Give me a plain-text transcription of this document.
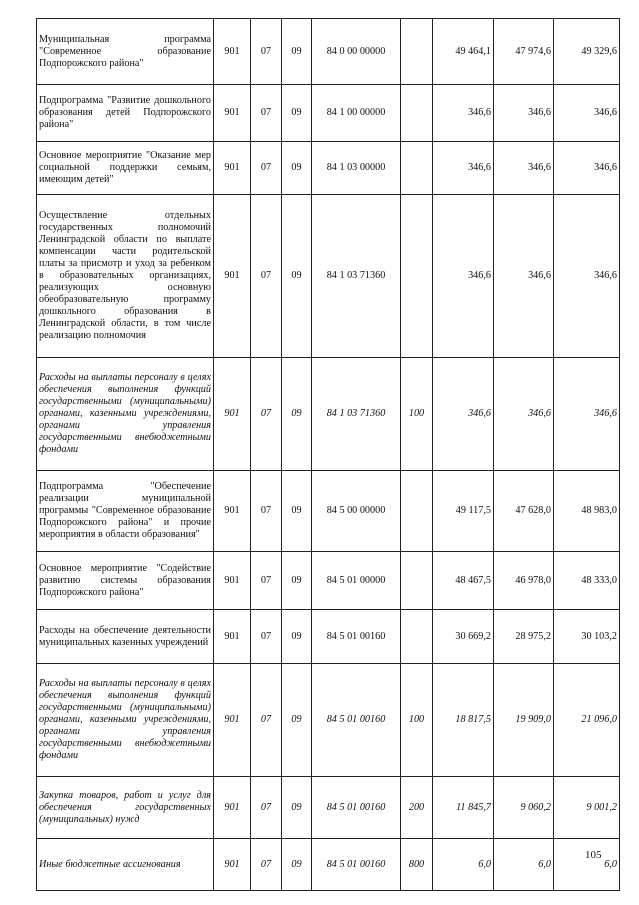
Муниципальная программа "Современное образование Подпорожского района"	901	07	09	84 0 00 00000		49 464,1	47 974,6	49 329,6
Подпрограмма "Развитие дошкольного образования детей Подпорожского района"	901	07	09	84 1 00 00000		346,6	346,6	346,6
Основное мероприятие "Оказание мер социальной поддержки семьям, имеющим детей"	901	07	09	84 1 03 00000		346,6	346,6	346,6
Осуществление отдельных государственных полномочий Ленинградской области по выплате компенсации части родительской платы за присмотр и уход за ребенком в образовательных организациях, реализующих основную обеобразовательную программу дошкольного образования в Ленинградской области, в том числе реализацию полномочия	901	07	09	84 1 03 71360		346,6	346,6	346,6
Расходы на выплаты персоналу в целях обеспечения выполнения функций государственными (муниципальными) органами, казенными учреждениями, органами управления государственными внебюджетными фондами	901	07	09	84 1 03 71360	100	346,6	346,6	346,6
Подпрограмма "Обеспечение реализации муниципальной программы "Современное образование Подпорожского района" и прочие мероприятия в области образования"	901	07	09	84 5 00 00000		49 117,5	47 628,0	48 983,0
Основное мероприятие "Содействие развитию системы образования Подпорожского района"	901	07	09	84 5 01 00000		48 467,5	46 978,0	48 333,0
Расходы на обеспечение деятельности муниципальных казенных учреждений	901	07	09	84 5 01 00160		30 669,2	28 975,2	30 103,2
Расходы на выплаты персоналу в целях обеспечения выполнения функций государственными (муниципальными) органами, казенными учреждениями, органами управления государственными внебюджетными фондами	901	07	09	84 5 01 00160	100	18 817,5	19 909,0	21 096,0
Закупка товаров, работ и услуг для обеспечения государственных (муниципальных) нужд	901	07	09	84 5 01 00160	200	11 845,7	9 060,2	9 001,2
Иные бюджетные ассигнования	901	07	09	84 5 01 00160	800	6,0	6,0	6,0
105
